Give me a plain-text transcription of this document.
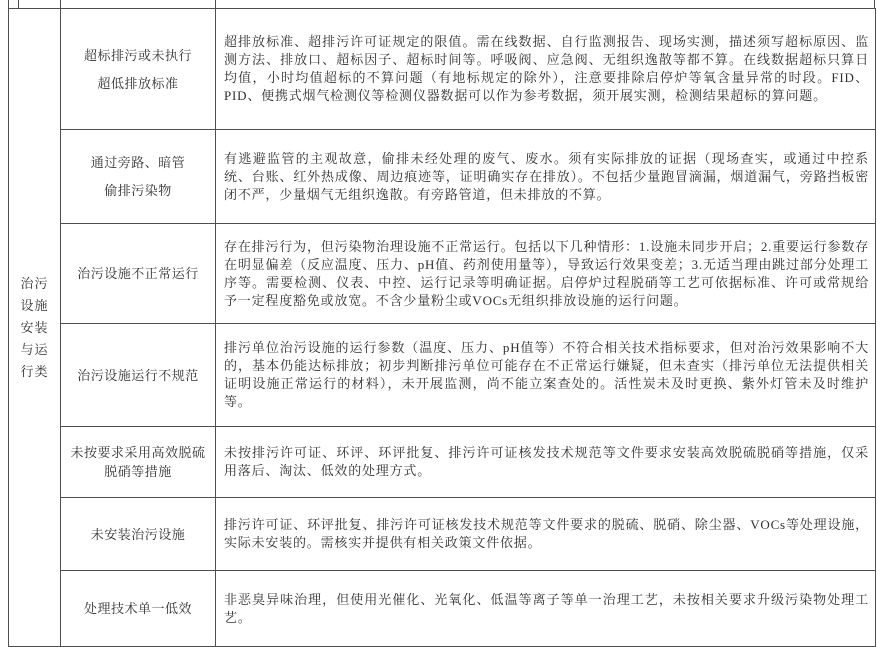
治污
设施
安装
与运
行类

超标排污或未执行
超低排放标准
	超排放标准、超排污许可证规定的限值。需在线数据、自行监测报告、现场实测，描述须写超标原因、监测方法、排放口、超标因子、超标时间等。呼吸阀、应急阀、无组织逸散等都不算。在线数据超标只算日均值，小时均值超标的不算问题（有地标规定的除外），注意要排除启停炉等氧含量异常的时段。FID、PID、便携式烟气检测仪等检测仪器数据可以作为参考数据，须开展实测，检测结果超标的算问题。

	通过旁路、暗管
偷排污染物	有逃避监管的主观故意，偷排未经处理的废气、废水。须有实际排放的证据（现场查实，或通过中控系统、台账、红外热成像、周边痕迹等，证明确实存在排放）。不包括少量跑冒滴漏，烟道漏气，旁路挡板密闭不严，少量烟气无组织逸散。有旁路管道，但未排放的不算。

	治污设施不正常运行	存在排污行为，但污染物治理设施不正常运行。包括以下几种情形：1.设施未同步开启；2.重要运行参数存在明显偏差（反应温度、压力、pH值、药剂使用量等），导致运行效果变差；3.无适当理由跳过部分处理工序等。需要检测、仪表、中控、运行记录等明确证据。启停炉过程脱硝等工艺可依据标准、许可或常规给予一定程度豁免或放宽。不含少量粉尘或VOCs无组织排放设施的运行问题。

	治污设施运行不规范	排污单位治污设施的运行参数（温度、压力、pH值等）不符合相关技术指标要求，但对治污效果影响不大的，基本仍能达标排放；初步判断排污单位可能存在不正常运行嫌疑，但未查实（排污单位无法提供相关证明设施正常运行的材料），未开展监测，尚不能立案查处的。活性炭未及时更换、紫外灯管未及时维护等。

	未按要求采用高效脱硫
脱硝等措施	未按排污许可证、环评、环评批复、排污许可证核发技术规范等文件要求安装高效脱硫脱硝等措施，仅采用落后、淘汰、低效的处理方式。

	未安装治污设施	排污许可证、环评批复、排污许可证核发技术规范等文件要求的脱硫、脱硝、除尘器、VOCs等处理设施，实际未安装的。需核实并提供有相关政策文件依据。

	处理技术单一低效	非恶臭异味治理，但使用光催化、光氧化、低温等离子等单一治理工艺，未按相关要求升级污染物处理工艺。
